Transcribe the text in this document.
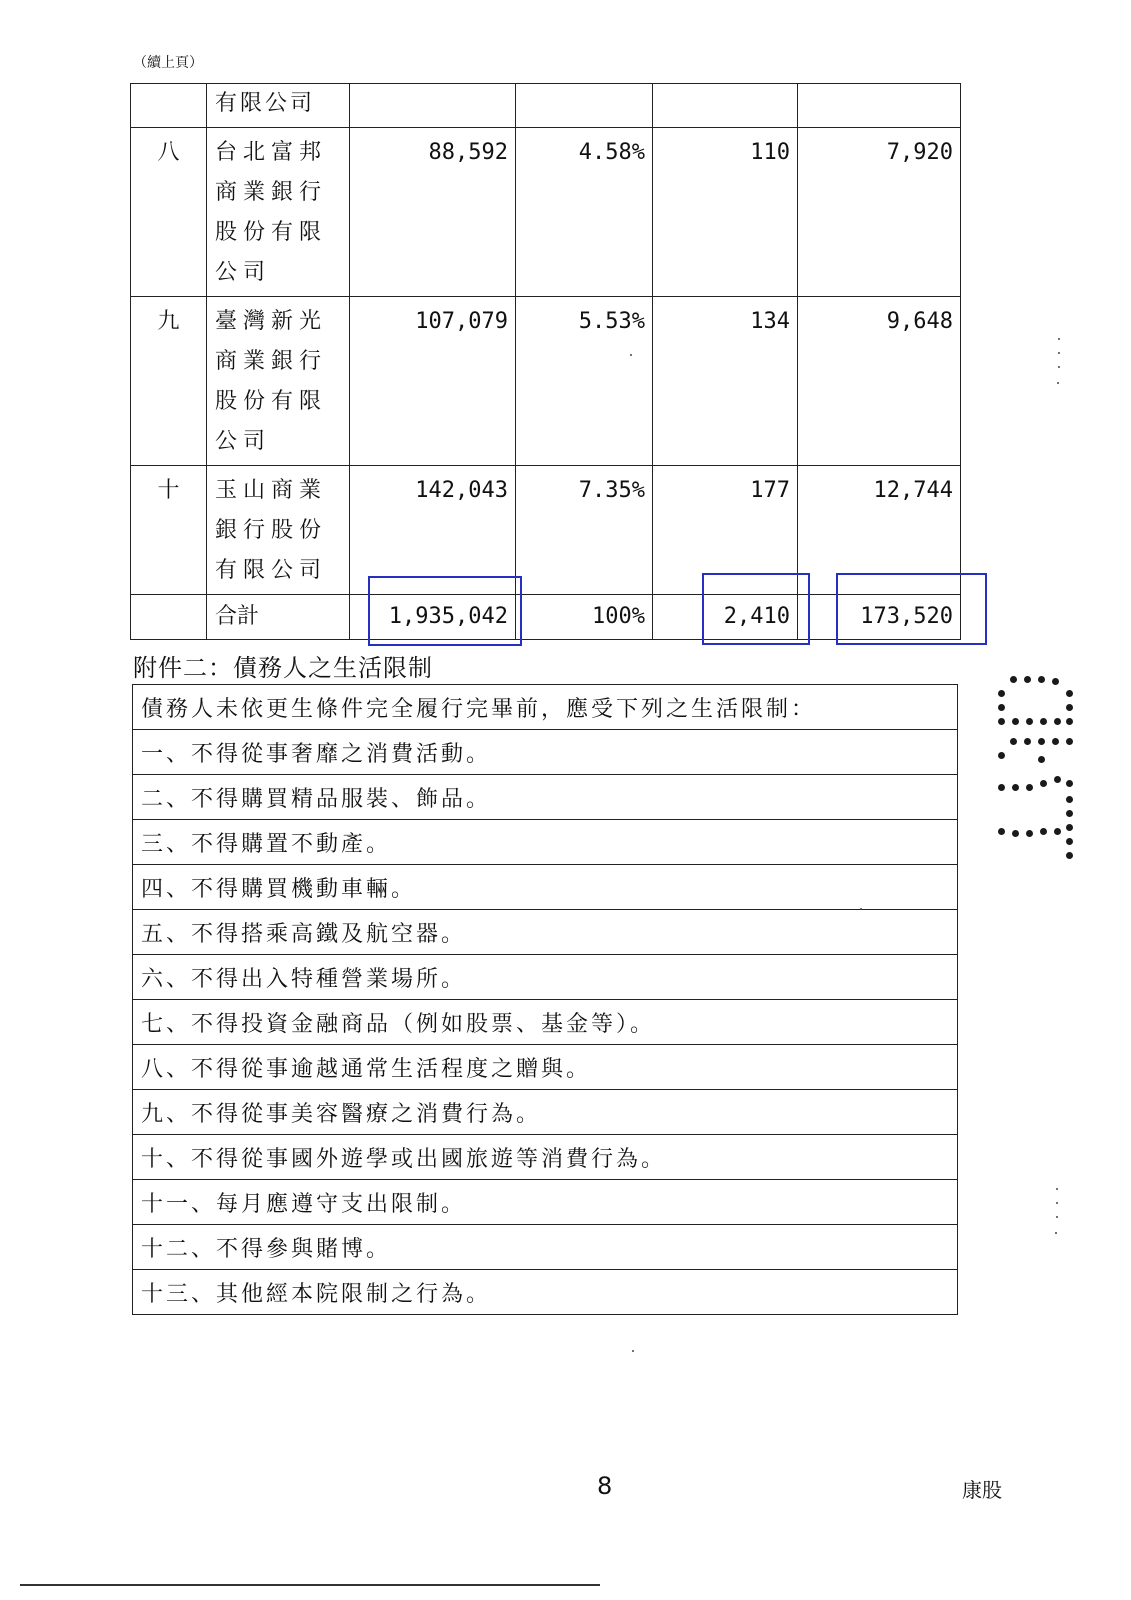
（續上頁）
	有限公司				
八	台北富邦商業銀行股份有限公司	88,592	4.58%	110	7,920
九	臺灣新光商業銀行股份有限公司	107,079	5.53%	134	9,648
十	玉山商業銀行股份有限公司	142,043	7.35%	177	12,744
	合計	1,935,042	100%	2,410	173,520
附件二：債務人之生活限制
債務人未依更生條件完全履行完畢前，應受下列之生活限制：
一、不得從事奢靡之消費活動。
二、不得購買精品服裝、飾品。
三、不得購置不動產。
四、不得購買機動車輛。
五、不得搭乘高鐵及航空器。
六、不得出入特種營業場所。
七、不得投資金融商品（例如股票、基金等）。
八、不得從事逾越通常生活程度之贈與。
九、不得從事美容醫療之消費行為。
十、不得從事國外遊學或出國旅遊等消費行為。
十一、每月應遵守支出限制。
十二、不得參與賭博。
十三、其他經本院限制之行為。
8	康股
